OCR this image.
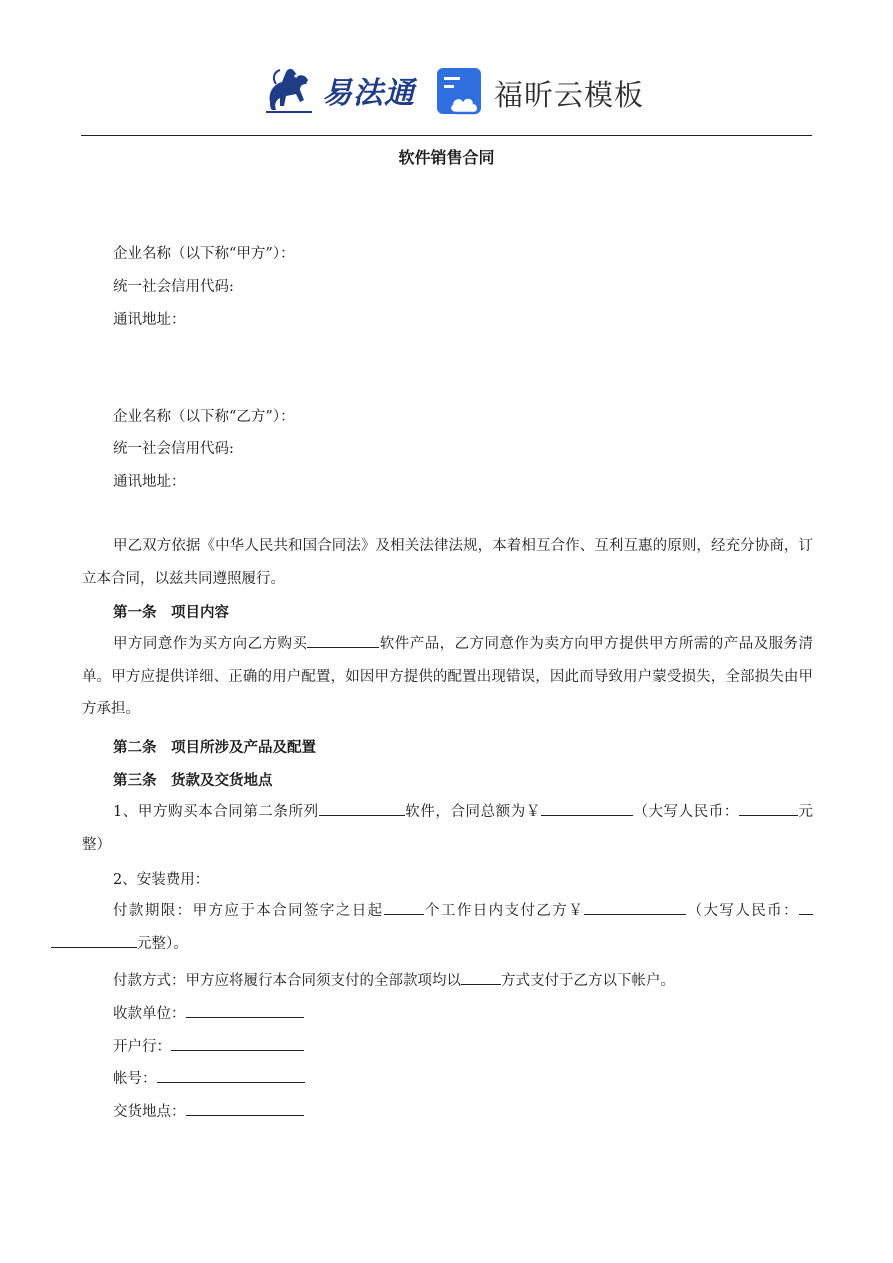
易法通	福昕云模板
软件销售合同
企业名称（以下称“甲方”）：
统一社会信用代码:
通讯地址：
企业名称（以下称“乙方”）：
统一社会信用代码:
通讯地址：
甲乙双方依据《中华人民共和国合同法》及相关法律法规，本着相互合作、互利互惠的原则，经充分协商，订立本合同，以兹共同遵照履行。
第一条　项目内容
甲方同意作为买方向乙方购买	软件产品，乙方同意作为卖方向甲方提供甲方所需的产品及服务清单。甲方应提供详细、正确的用户配置，如因甲方提供的配置出现错误，因此而导致用户蒙受损失，全部损失由甲方承担。
第二条　项目所涉及产品及配置
第三条　货款及交货地点
1、甲方购买本合同第二条所列	软件，合同总额为￥	（大写人民币：	元整）
2、安装费用：
付款期限：甲方应于本合同签字之日起	个工作日内支付乙方￥	（大写人民币：元整）。
付款方式：甲方应将履行本合同须支付的全部款项均以	方式支付于乙方以下帐户。
收款单位：
开户行：
帐号：
交货地点：
